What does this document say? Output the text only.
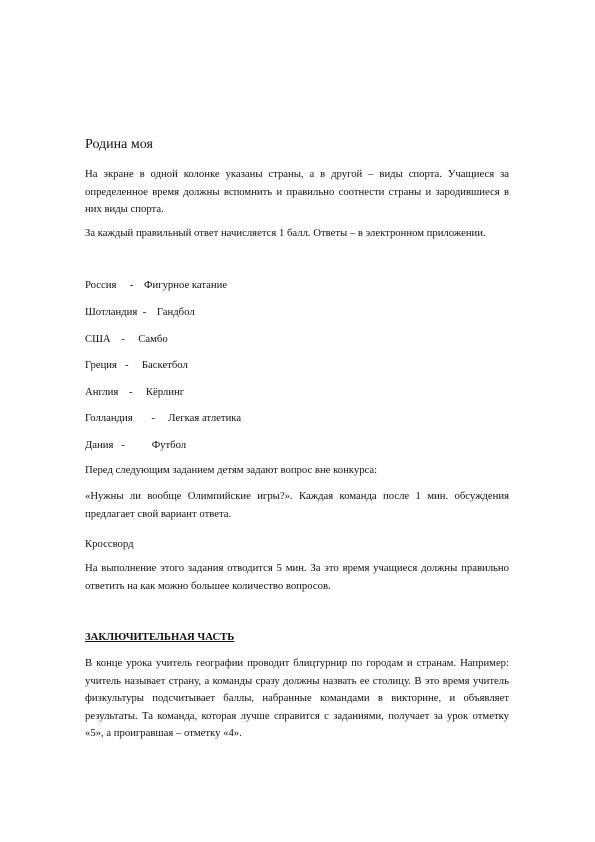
Родина моя
На экране в одной колонке указаны страны, а в другой – виды спорта. Учащиеся за определенное время должны вспомнить и правильно соотнести страны и зародившиеся в них виды спорта.
За каждый правильный ответ начисляется 1 балл. Ответы – в электронном приложении.
Россия     -    Фигурное катание
Шотландия  -    Гандбол
США    -     Самбо
Греция   -     Баскетбол
Англия    -     Кёрлинг
Голландия       -     Легкая атлетика
Дания   -          Футбол
Перед следующим заданием детям задают вопрос вне конкурса:
«Нужны ли вообще Олимпийские игры?». Каждая команда после 1 мин. обсуждения предлагает свой вариант ответа.
Кроссворд
На выполнение этого задания отводится 5 мин. За это время учащиеся должны правильно ответить на как можно большее количество вопросов.
ЗАКЛЮЧИТЕЛЬНАЯ ЧАСТЬ
В конце урока учитель географии проводит блицтурнир по городам и странам. Например: учитель называет страну, а команды сразу должны назвать ее столицу. В это время учитель физкультуры подсчитывает баллы, набранные командами в викторине, и объявляет результаты. Та команда, которая лучше справится с заданиями, получает за урок отметку «5», а проигравшая – отметку «4».
